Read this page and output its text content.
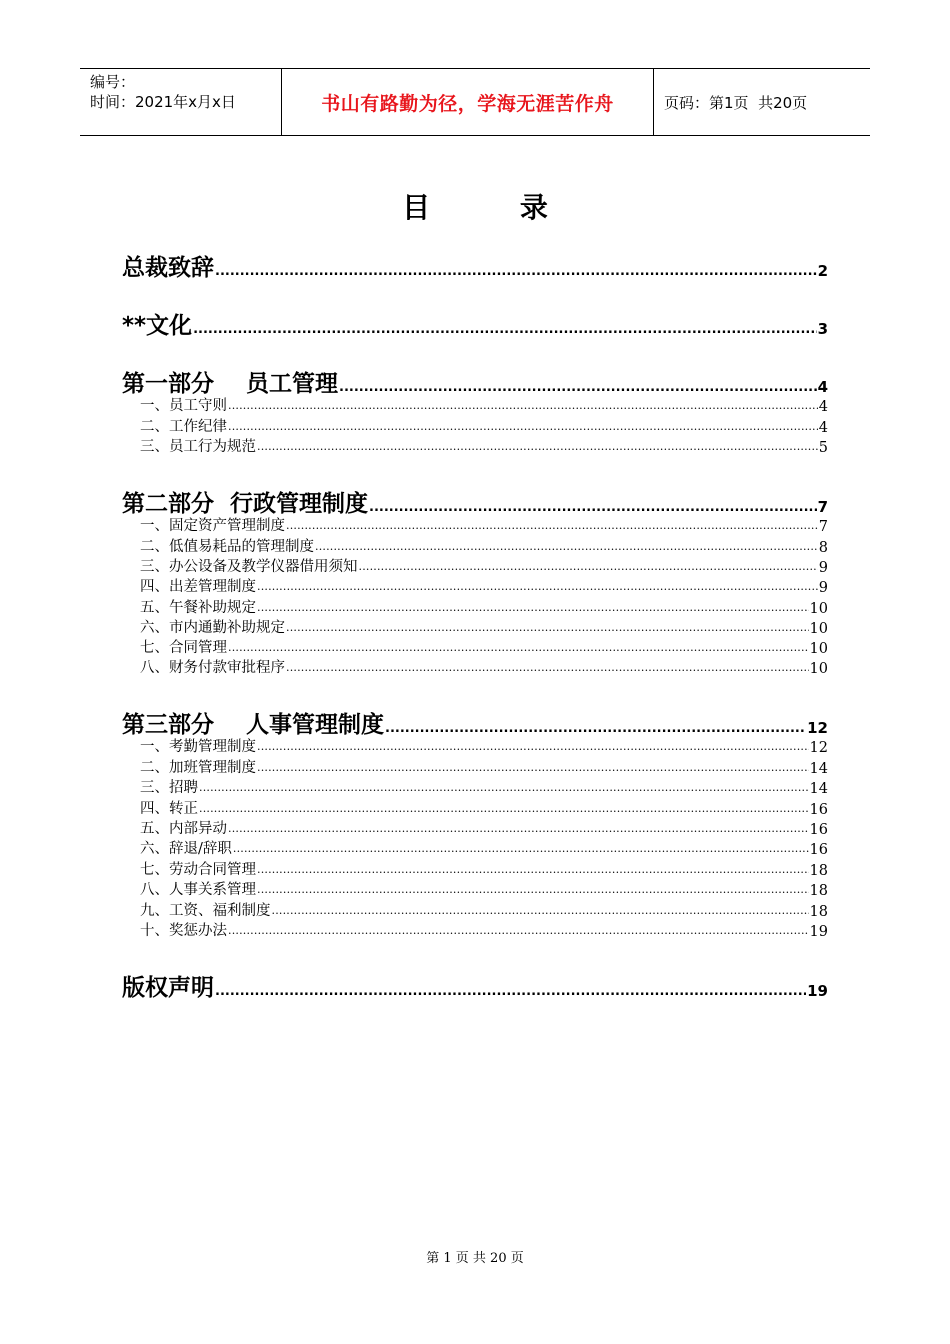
编号：
时间：2021年x月x日	书山有路勤为径，学海无涯苦作舟	页码：第1页  共20页
目 录
总裁致辞 .....	2
**文化 .....	3
第一部分    员工管理 .....	4
一、员工守则 .....	4
二、工作纪律 .....	4
三、员工行为规范 .....	5
第二部分  行政管理制度 .....	7
一、固定资产管理制度 .....	7
二、低值易耗品的管理制度 .....	8
三、办公设备及教学仪器借用须知 .....	9
四、出差管理制度 .....	9
五、午餐补助规定 .....	10
六、市内通勤补助规定 .....	10
七、合同管理 .....	10
八、财务付款审批程序 .....	10
第三部分    人事管理制度 .....	12
一、考勤管理制度 .....	12
二、加班管理制度 .....	14
三、招聘 .....	14
四、转正 .....	16
五、内部异动 .....	16
六、辞退/辞职 .....	16
七、劳动合同管理 .....	18
八、人事关系管理 .....	18
九、工资、福利制度 .....	18
十、奖惩办法 .....	19
版权声明 .....	19
第 1 页 共 20 页
